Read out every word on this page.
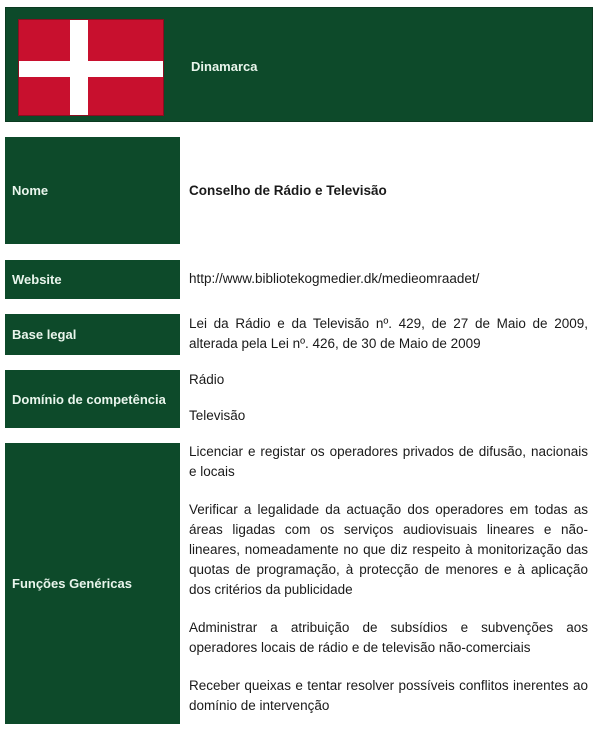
Dinamarca
Nome	Conselho de Rádio e Televisão
Website	http://www.bibliotekogmedier.dk/medieomraadet/
Base legal
Lei da Rádio e da Televisão nº. 429, de 27 de Maio de 2009, alterada pela Lei nº. 426, de 30 de Maio de 2009
Domínio de competência

Rádio

Televisão

Funções Genéricas

Licenciar e registar os operadores privados de difusão, nacionais e locais

Verificar a legalidade da actuação dos operadores em todas as áreas ligadas com os serviços audiovisuais lineares e não-lineares, nomeadamente no que diz respeito à monitorização das quotas de programação, à protecção de menores e à aplicação dos critérios da publicidade

Administrar a atribuição de subsídios e subvenções aos operadores locais de rádio e de televisão não-comerciais

Receber queixas e tentar resolver possíveis conflitos inerentes ao domínio de intervenção
